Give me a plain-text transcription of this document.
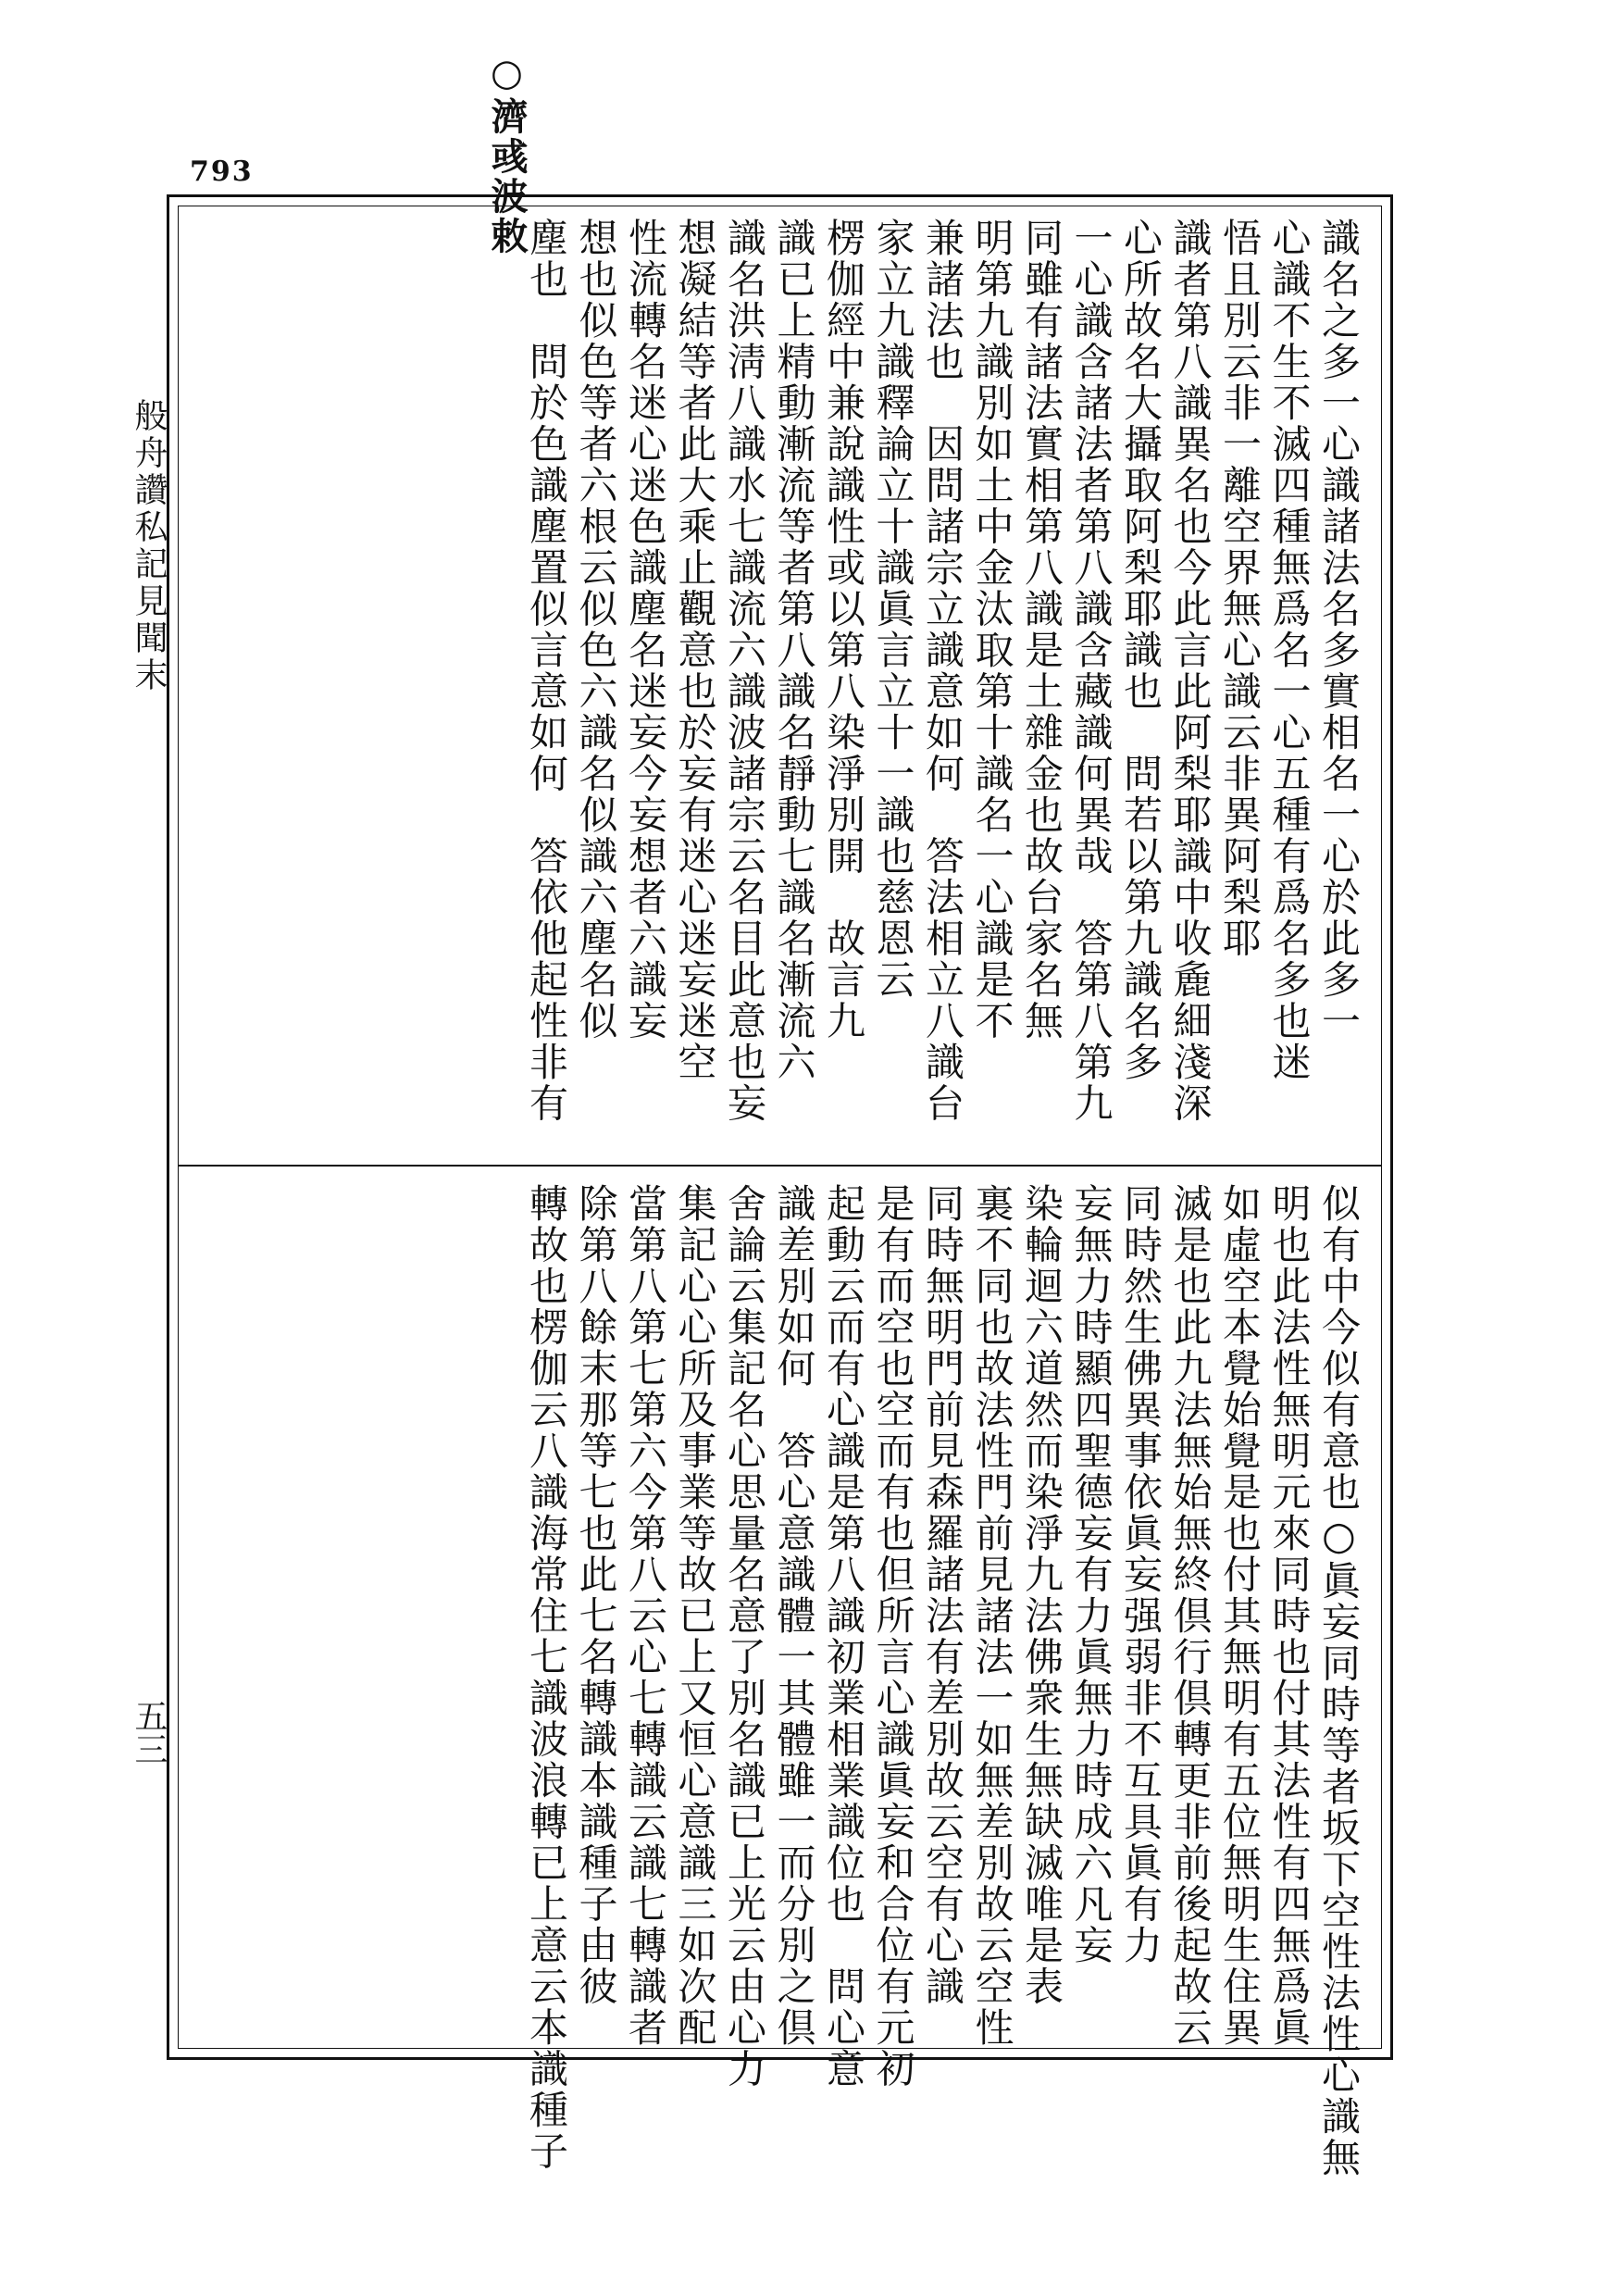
793	○濟彧波敕
般舟讚私記見聞末
五三
識名之多一心識諸法名多實相名一心於此多一
心識不生不滅四種無爲名一心五種有爲名多也迷
悟且別云非一離空界無心識云非異阿梨耶
識者第八識異名也今此言此阿梨耶識中收麁細淺深
心所故名大攝取阿梨耶識也　問若以第九識名多
一心識含諸法者第八識含藏識何異哉　答第八第九
同雖有諸法實相第八識是土雜金也故台家名無
明第九識別如土中金汰取第十識名一心識是不
兼諸法也　因問諸宗立識意如何　答法相立八識台
家立九識釋論立十識眞言立十一識也慈恩云
楞伽經中兼說識性或以第八染淨別開　故言九
識已上精動漸流等者第八識名靜動七識名漸流六
識名洪淸八識水七識流六識波諸宗云名目此意也妄
想凝結等者此大乘止觀意也於妄有迷心迷妄迷空
性流轉名迷心迷色識塵名迷妄今妄想者六識妄
想也似色等者六根云似色六識名似識六塵名似
塵也　問於色識塵置似言意如何　答依他起性非有
似有中今似有意也○眞妄同時等者坂下空性法性心識無
明也此法性無明元來同時也付其法性有四無爲眞
如虛空本覺始覺是也付其無明有五位無明生住異
滅是也此九法無始無終倶行倶轉更非前後起故云
同時然生佛異事依眞妄强弱非不互具眞有力
妄無力時顯四聖德妄有力眞無力時成六凡妄
染輪迴六道然而染淨九法佛衆生無缺滅唯是表
裏不同也故法性門前見諸法一如無差別故云空性
同時無明門前見森羅諸法有差別故云空有心識
是有而空也空而有也但所言心識眞妄和合位有元初
起動云而有心識是第八識初業相業識位也　問心意
識差別如何　答心意識體一其體雖一而分別之倶
舍論云集記名心思量名意了別名識已上光云由心力
集記心心所及事業等故已上又恒心意識三如次配
當第八第七第六今第八云心七轉識云識七轉識者
除第八餘末那等七也此七名轉識本識種子由彼
轉故也楞伽云八識海常住七識波浪轉已上意云本識種子
